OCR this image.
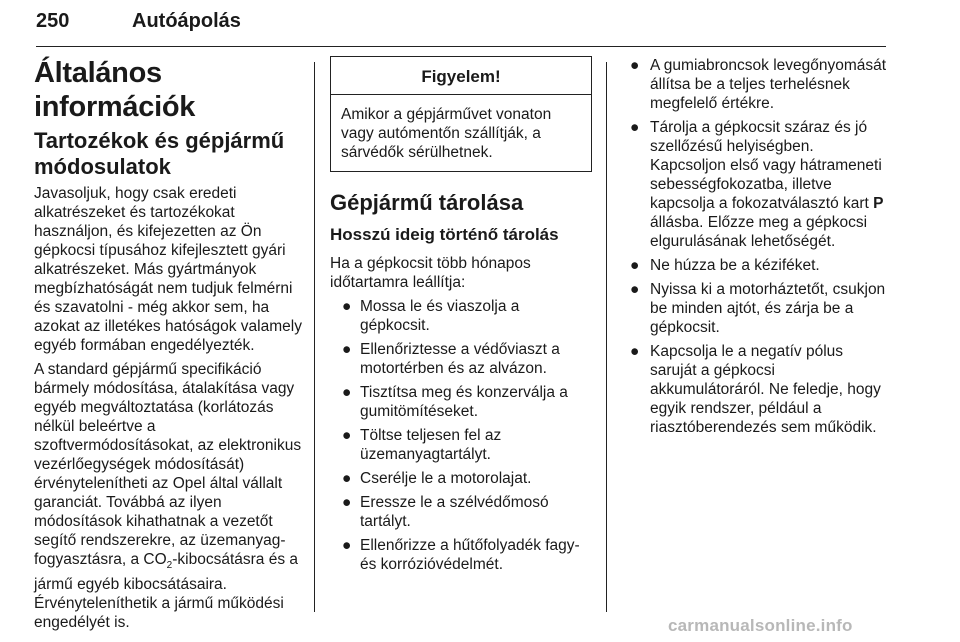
250	Autóápolás
Általános információk
Tartozékok és gépjármű módosulatok

Javasoljuk, hogy csak eredeti alkatrészeket és tartozékokat használjon, és kifejezetten az Ön gépkocsi típusához kifejlesztett gyári alkatrészeket. Más gyártmányok megbízhatóságát nem tudjuk felmérni és szavatolni - még akkor sem, ha azokat az illetékes hatóságok valamely egyéb formában engedélyezték.

A standard gépjármű specifikáció bármely módosítása, átalakítása vagy egyéb megváltoztatása (korlátozás nélkül beleértve a szoftvermódosításokat, az elektronikus vezérlőegységek módosítását) érvénytelenítheti az Opel által vállalt garanciát. Továbbá az ilyen módosítások kihathatnak a vezetőt segítő rendszerekre, az üzemanyag-fogyasztásra, a $CO_2$-kibocsátásra és a jármű egyéb kibocsátásaira. Érvényteleníthetik a jármű működési engedélyét is.

Figyelem!
Amikor a gépjárművet vonaton vagy autómentőn szállítják, a sárvédők sérülhetnek.
Gépjármű tárolása
Hosszú ideig történő tárolás

Ha a gépkocsit több hónapos időtartamra leállítja:

● Mossa le és viaszolja a gépkocsit.
● Ellenőriztesse a védőviaszt a motortérben és az alvázon.
● Tisztítsa meg és konzerválja a gumitömítéseket.
● Töltse teljesen fel az üzemanyagtartályt.
● Cserélje le a motorolajat.
● Eressze le a szélvédőmosó tartályt.
● Ellenőrizze a hűtőfolyadék fagy- és korrózióvédelmét.
● A gumiabroncsok levegőnyomását állítsa be a teljes terhelésnek megfelelő értékre.
● Tárolja a gépkocsit száraz és jó szellőzésű helyiségben. Kapcsoljon első vagy hátrameneti sebességfokozatba, illetve kapcsolja a fokozatválasztó kart P állásba. Előzze meg a gépkocsi elgurulásának lehetőségét.
● Ne húzza be a kéziféket.
● Nyissa ki a motorháztetőt, csukjon be minden ajtót, és zárja be a gépkocsit.
● Kapcsolja le a negatív pólus saruját a gépkocsi akkumulátoráról. Ne feledje, hogy egyik rendszer, például a riasztóberendezés sem működik.
carmanualsonline.info
